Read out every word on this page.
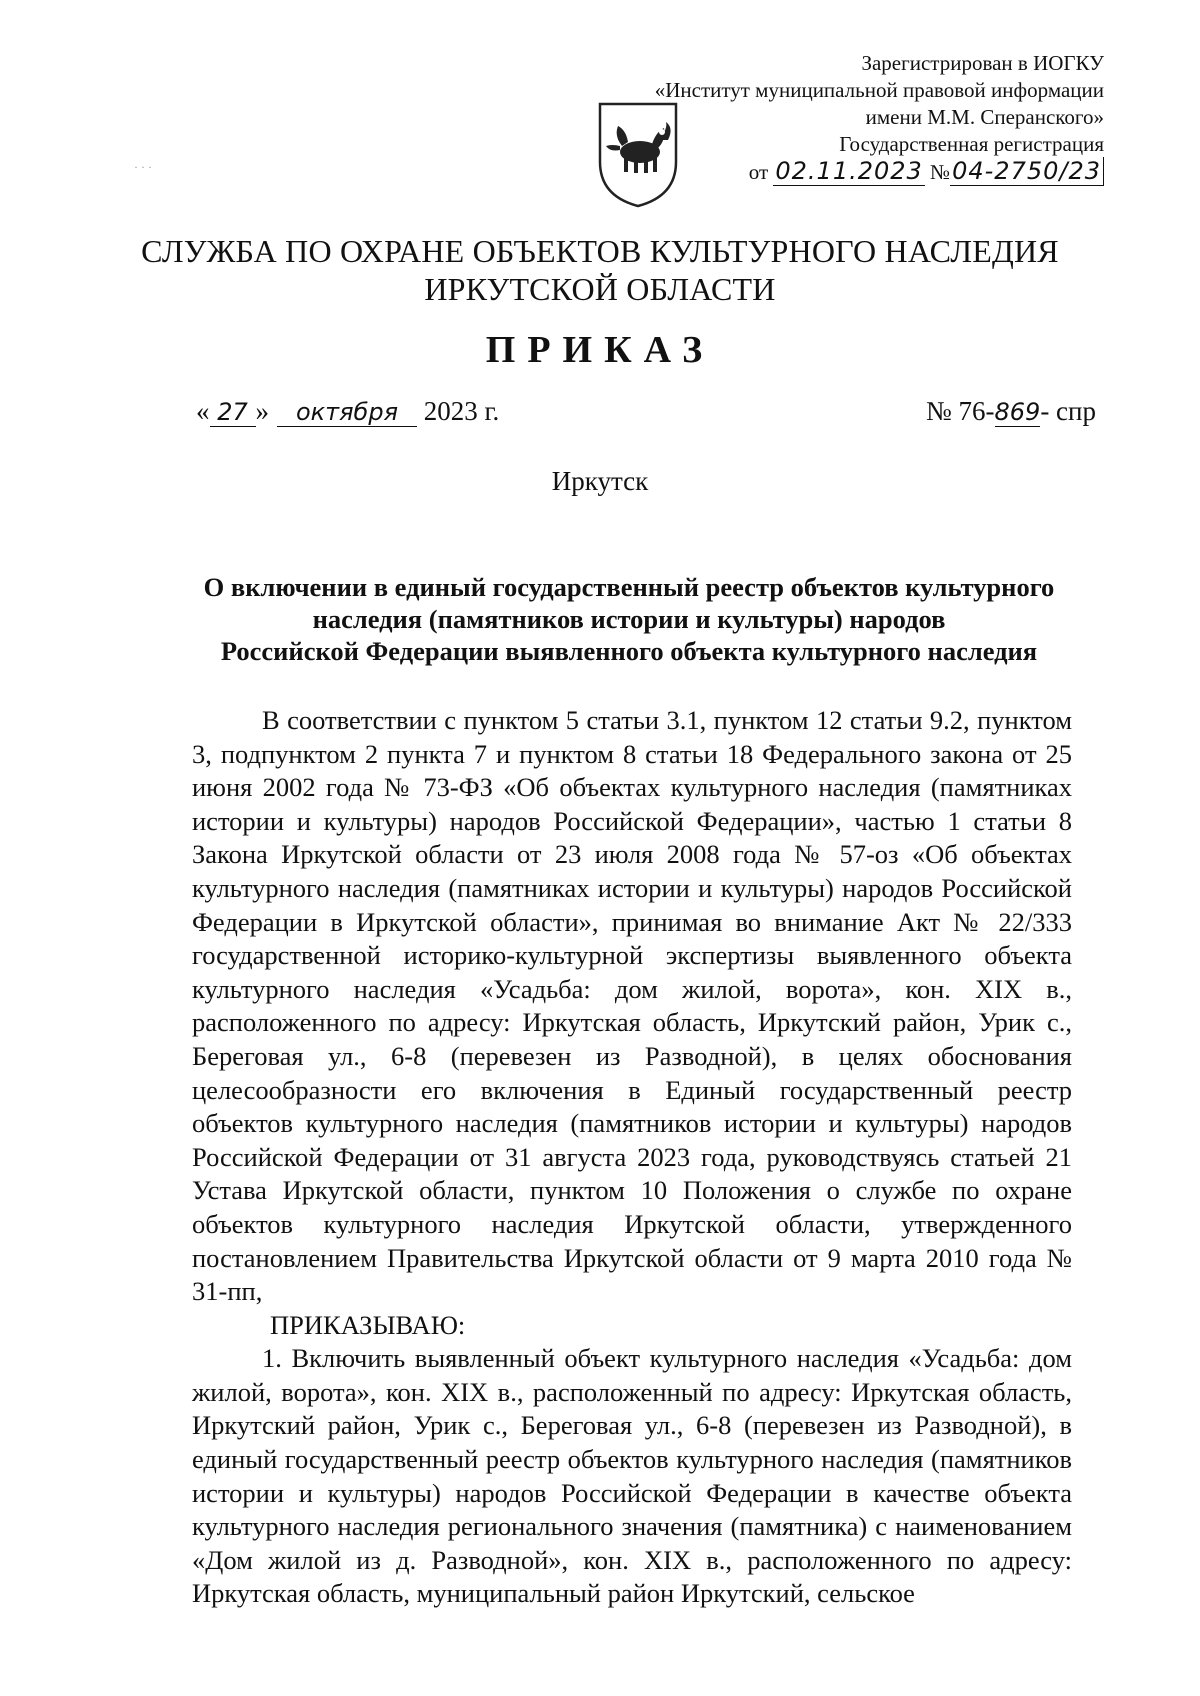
Зарегистрирован в ИОГКУ
«Институт муниципальной правовой информации
имени М.М. Сперанского»
Государственная регистрация
от 02.11.2023 №04-2750/23
· · ·
СЛУЖБА ПО ОХРАНЕ ОБЪЕКТОВ КУЛЬТУРНОГО НАСЛЕДИЯ
ИРКУТСКОЙ ОБЛАСТИ
ПРИКАЗ
« 27 » октября 2023 г.	№ 76-869- спр
Иркутск
О включении в единый государственный реестр объектов культурного
наследия (памятников истории и культуры) народов
Российской Федерации выявленного объекта культурного наследия

В соответствии с пунктом 5 статьи 3.1, пунктом 12 статьи 9.2, пунктом 3, подпунктом 2 пункта 7 и пунктом 8 статьи 18 Федерального закона от 25 июня 2002 года № 73-ФЗ «Об объектах культурного наследия (памятниках истории и культуры) народов Российской Федерации», частью 1 статьи 8 Закона Иркутской области от 23 июля 2008 года № 57-оз «Об объектах культурного наследия (памятниках истории и культуры) народов Российской Федерации в Иркутской области», принимая во внимание Акт № 22/333 государственной историко-культурной экспертизы выявленного объекта культурного наследия «Усадьба: дом жилой, ворота», кон. XIX в., расположенного по адресу: Иркутская область, Иркутский район, Урик с., Береговая ул., 6-8 (перевезен из Разводной), в целях обоснования целесообразности его включения в Единый государственный реестр объектов культурного наследия (памятников истории и культуры) народов Российской Федерации от 31 августа 2023 года, руководствуясь статьей 21 Устава Иркутской области, пунктом 10 Положения о службе по охране объектов культурного наследия Иркутской области, утвержденного постановлением Правительства Иркутской области от 9 марта 2010 года № 31-пп,

ПРИКАЗЫВАЮ:

1. Включить выявленный объект культурного наследия «Усадьба: дом жилой, ворота», кон. XIX в., расположенный по адресу: Иркутская область, Иркутский район, Урик с., Береговая ул., 6-8 (перевезен из Разводной), в единый государственный реестр объектов культурного наследия (памятников истории и культуры) народов Российской Федерации в качестве объекта культурного наследия регионального значения (памятника) с наименованием «Дом жилой из д. Разводной», кон. XIX в., расположенного по адресу: Иркутская область, муниципальный район Иркутский, сельское
